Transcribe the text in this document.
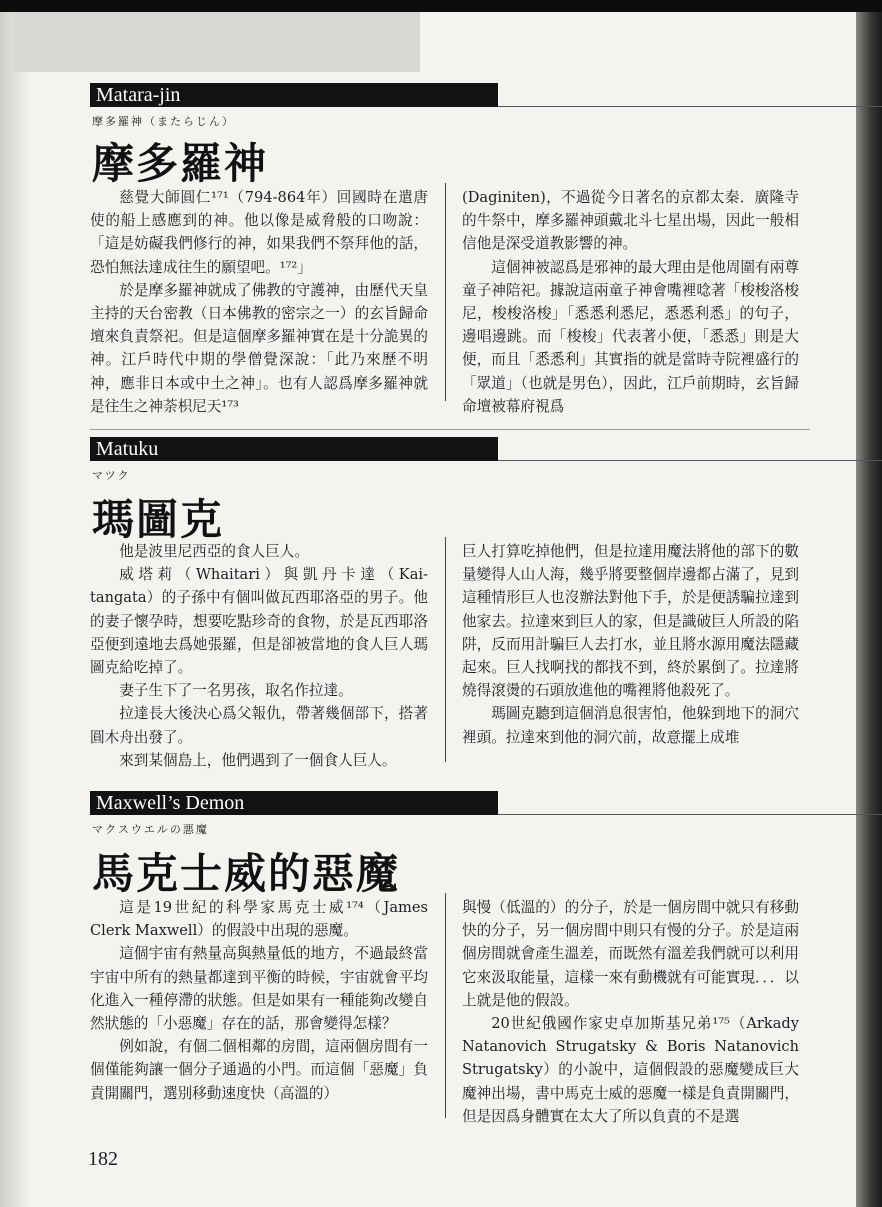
Matara-jin
摩多羅神（またらじん）
摩多羅神

慈覺大師圓仁¹⁷¹（794-864年）回國時在遣唐使的船上感應到的神。他以像是威脅般的口吻說：「這是妨礙我們修行的神，如果我們不祭拜他的話，恐怕無法達成往生的願望吧。¹⁷²」

於是摩多羅神就成了佛教的守護神，由歷代天皇主持的天台密教（日本佛教的密宗之一）的玄旨歸命壇來負責祭祀。但是這個摩多羅神實在是十分詭異的神。江戶時代中期的學僧覺深說：「此乃來歷不明神，應非日本或中土之神」。也有人認爲摩多羅神就是往生之神荼枳尼天¹⁷³

(Daginiten)，不過從今日著名的京都太秦．廣隆寺的牛祭中，摩多羅神頭戴北斗七星出場，因此一般相信他是深受道教影響的神。

這個神被認爲是邪神的最大理由是他周圍有兩尊童子神陪祀。據說這兩童子神會嘴裡唸著「梭梭洛梭尼，梭梭洛梭」「悉悉利悉尼，悉悉利悉」的句子，邊唱邊跳。而「梭梭」代表著小便，「悉悉」則是大便，而且「悉悉利」其實指的就是當時寺院裡盛行的「眾道」（也就是男色），因此，江戶前期時，玄旨歸命壇被幕府視爲

Matuku
マツク
瑪圖克

他是波里尼西亞的食人巨人。

威塔莉（Whaitari）與凱丹卡達（Kai-tangata）的子孫中有個叫做瓦西耶洛亞的男子。他的妻子懷孕時，想要吃點珍奇的食物，於是瓦西耶洛亞便到遠地去爲她張羅，但是卻被當地的食人巨人瑪圖克給吃掉了。

妻子生下了一名男孩，取名作拉達。

拉達長大後決心爲父報仇，帶著幾個部下，搭著圓木舟出發了。

來到某個島上，他們遇到了一個食人巨人。

巨人打算吃掉他們，但是拉達用魔法將他的部下的數量變得人山人海，幾乎將要整個岸邊都占滿了，見到這種情形巨人也沒辦法對他下手，於是便誘騙拉達到他家去。拉達來到巨人的家，但是識破巨人所設的陷阱，反而用計騙巨人去打水，並且將水源用魔法隱藏起來。巨人找啊找的都找不到，終於累倒了。拉達將燒得滾燙的石頭放進他的嘴裡將他殺死了。

瑪圖克聽到這個消息很害怕，他躲到地下的洞穴裡頭。拉達來到他的洞穴前，故意擺上成堆

Maxwell’s Demon
マクスウエルの悪魔
馬克士威的惡魔

這是19世紀的科學家馬克士威¹⁷⁴（James Clerk Maxwell）的假設中出現的惡魔。

這個宇宙有熱量高與熱量低的地方，不過最終當宇宙中所有的熱量都達到平衡的時候，宇宙就會平均化進入一種停滯的狀態。但是如果有一種能夠改變自然狀態的「小惡魔」存在的話，那會變得怎樣？

例如說，有個二個相鄰的房間，這兩個房間有一個僅能夠讓一個分子通過的小門。而這個「惡魔」負責開關門，選別移動速度快（高溫的）

與慢（低溫的）的分子，於是一個房間中就只有移動快的分子，另一個房間中則只有慢的分子。於是這兩個房間就會產生溫差，而既然有溫差我們就可以利用它來汲取能量，這樣一來有動機就有可能實現．．．以上就是他的假設。

20世紀俄國作家史卓加斯基兄弟¹⁷⁵（Arkady Natanovich Strugatsky & Boris Natanovich Strugatsky）的小說中，這個假設的惡魔變成巨大魔神出場，書中馬克士威的惡魔一樣是負責開關門，但是因爲身體實在太大了所以負責的不是選

182
